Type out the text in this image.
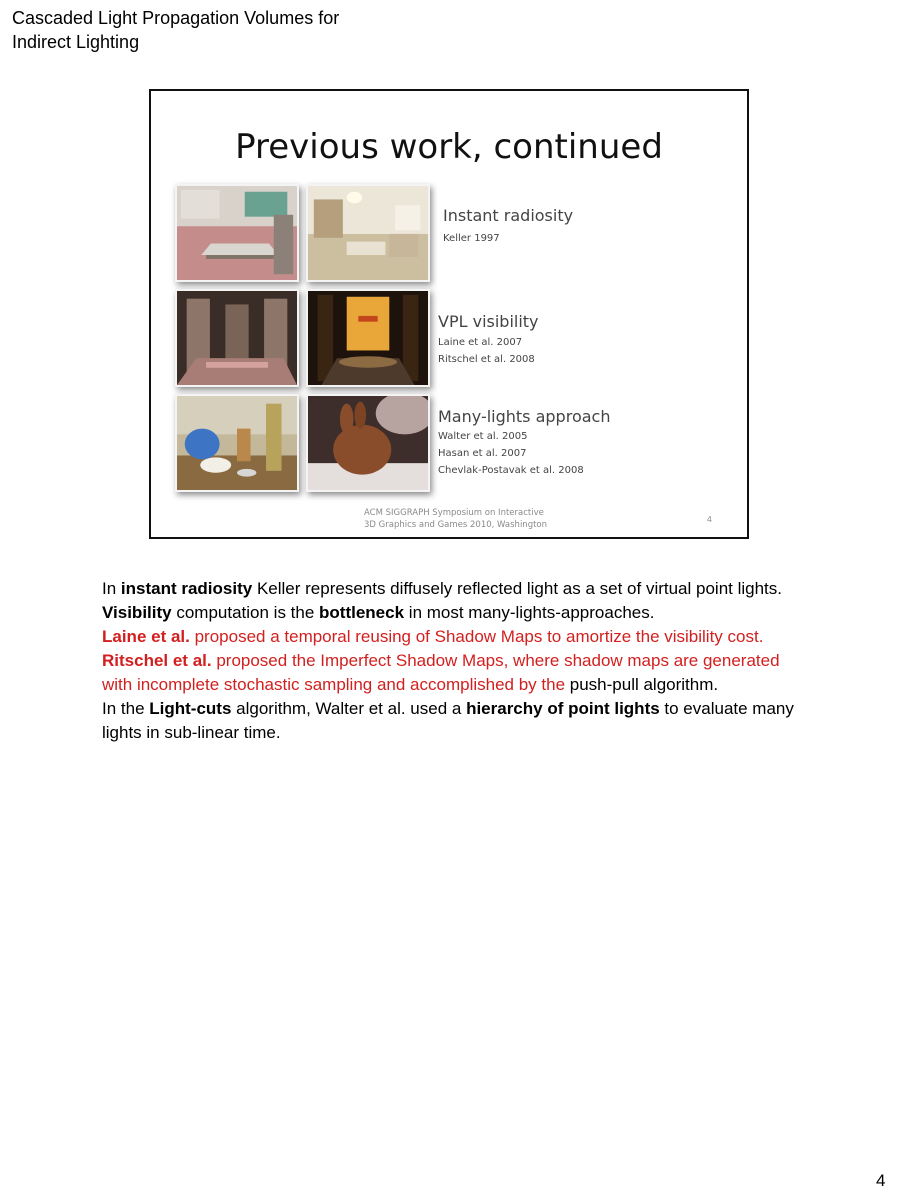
Cascaded Light Propagation Volumes for Indirect Lighting
Previous work, continued
Instant radiosity
Keller 1997
VPL visibility
Laine et al. 2007
Ritschel et al. 2008
Many-lights approach
Walter et al. 2005
Hasan et al. 2007
Chevlak-Postavak et al. 2008
ACM SIGGRAPH Symposium on Interactive
3D Graphics and Games 2010, Washington
4

In instant radiosity Keller represents diffusely reflected light as a set of virtual point lights.

Visibility computation is the bottleneck in most many-lights-approaches.

Laine et al. proposed a temporal reusing of Shadow Maps to amortize the visibility cost.

Ritschel et al. proposed the Imperfect Shadow Maps, where shadow maps are generated with incomplete stochastic sampling and accomplished by the push-pull algorithm.

In the Light-cuts algorithm, Walter et al. used a hierarchy of point lights to evaluate many lights in sub-linear time.

4
